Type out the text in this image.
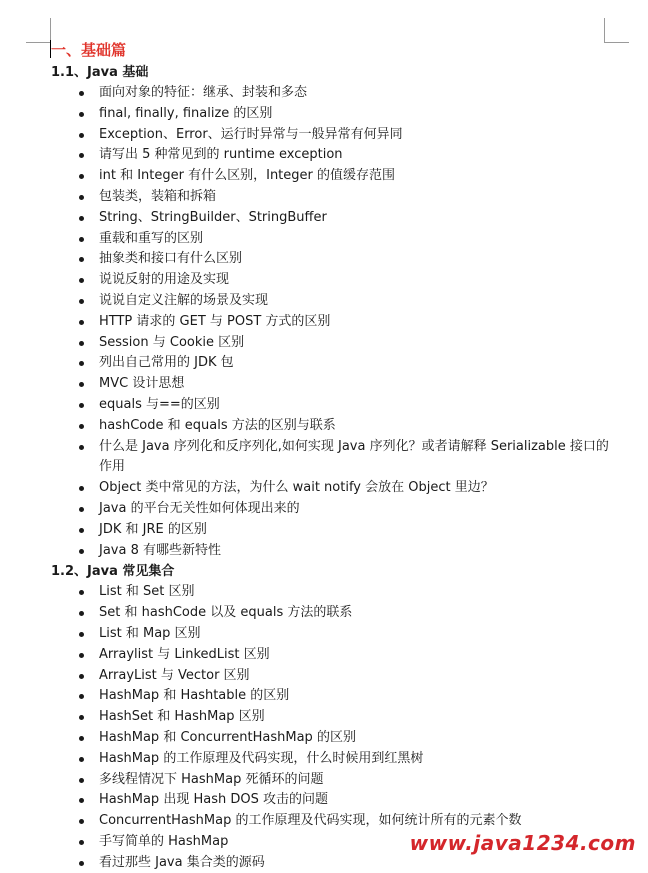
一、基础篇
1.1、Java 基础
面向对象的特征：继承、封装和多态
final, finally, finalize 的区别
Exception、Error、运行时异常与一般异常有何异同
请写出 5 种常见到的 runtime exception
int 和 Integer 有什么区别，Integer 的值缓存范围
包装类，装箱和拆箱
String、StringBuilder、StringBuffer
重载和重写的区别
抽象类和接口有什么区别
说说反射的用途及实现
说说自定义注解的场景及实现
HTTP 请求的 GET 与 POST 方式的区别
Session 与 Cookie 区别
列出自己常用的 JDK 包
MVC 设计思想
equals 与==的区别
hashCode 和 equals 方法的区别与联系
什么是 Java 序列化和反序列化,如何实现 Java 序列化？或者请解释 Serializable 接口的作用
Object 类中常见的方法，为什么 wait notify 会放在 Object 里边？
Java 的平台无关性如何体现出来的
JDK 和 JRE 的区别
Java 8 有哪些新特性
1.2、Java 常见集合
List 和 Set 区别
Set 和 hashCode 以及 equals 方法的联系
List 和 Map 区别
Arraylist 与 LinkedList 区别
ArrayList 与 Vector 区别
HashMap 和 Hashtable 的区别
HashSet 和 HashMap 区别
HashMap 和 ConcurrentHashMap 的区别
HashMap 的工作原理及代码实现，什么时候用到红黑树
多线程情况下 HashMap 死循环的问题
HashMap 出现 Hash DOS 攻击的问题
ConcurrentHashMap 的工作原理及代码实现，如何统计所有的元素个数
手写简单的 HashMap
看过那些 Java 集合类的源码
www.java1234.com
